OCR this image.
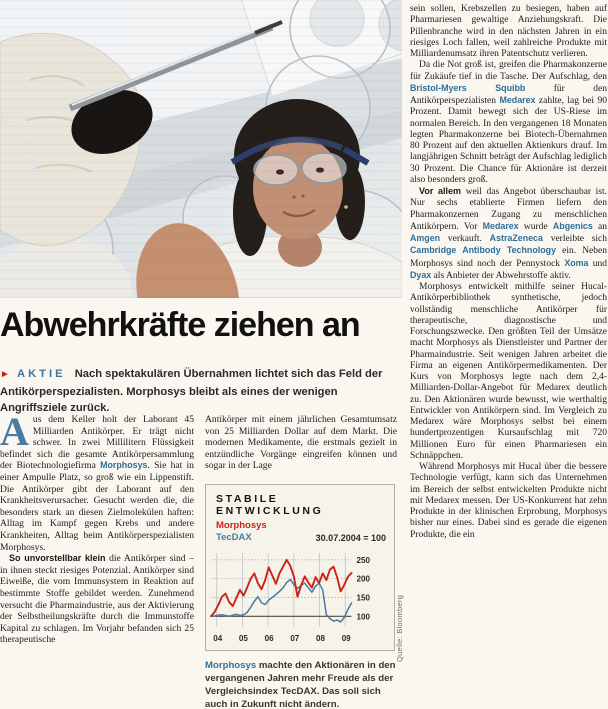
sein sollen, Krebszellen zu besiegen, haben auf Pharmariesen gewaltige Anziehungskraft. Die Pillenbranche wird in den nächsten Jahren in ein riesiges Loch fallen, weil zahlreiche Produkte mit Milliardenumsatz ihren Patentschutz verlieren.

Da die Not groß ist, greifen die Pharmakonzerne für Zukäufe tief in die Tasche. Der Aufschlag, den Bristol-Myers Squibb für den Antikörperspezialisten Medarex zahlte, lag bei 90 Prozent. Damit bewegt sich der US-Riese im normalen Bereich. In den vergangenen 18 Monaten legten Pharmakonzerne bei Biotech-Übernahmen 80 Prozent auf den aktuellen Aktienkurs drauf. Im langjährigen Schnitt beträgt der Aufschlag lediglich 30 Prozent. Die Chance für Aktionäre ist derzeit also besonders groß.

Vor allem weil das Angebot überschaubar ist. Nur sechs etablierte Firmen liefern den Pharmakonzernen Zugang zu menschlichen Antikörpern. Vor Medarex wurde Abgenics an Amgen verkauft. AstraZeneca verleibte sich Cambridge Antibody Technology ein. Neben Morphosys sind noch der Pennystock Xoma und Dyax als Anbieter der Abwehrstoffe aktiv.

Morphosys entwickelt mithilfe seiner Hucal-Antikörperbibliothek synthetische, jedoch vollständig menschliche Antikörper für therapeutische, diagnostische und Forschungszwecke. Den größten Teil der Umsätze macht Morphosys als Dienstleister und Partner der Pharmaindustrie. Seit wenigen Jahren arbeitet die Firma an eigenen Antikörpermedikamenten. Der Kurs von Morphosys legte nach dem 2,4-Milliarden-Dollar-Angebot für Medarex deutlich zu. Den Aktionären wurde bewusst, wie werthaltig Entwickler von Antikörpern sind. Im Vergleich zu Medarex wäre Morphosys selbst bei einem hundertprozentigen Kursaufschlag mit 720 Millionen Euro für einen Pharmariesen ein Schnäppchen.

Während Morphosys mit Hucal über die bessere Technologie verfügt, kann sich das Unternehmen im Bereich der selbst entwickelten Produkte nicht mit Medarex messen. Der US-Konkurrent hat zehn Produkte in der klinischen Erprobung, Morphosys bisher nur eines. Dabei sind es gerade die eigenen Produkte, die ein

Abwehrkräfte ziehen an

► AKTIE Nach spektakulären Übernahmen lichtet sich das Feld der Antikörperspezialisten. Morphosys bleibt als eines der wenigen Angriffsziele zurück.

Aus dem Keller holt der Laborant 45 Milliarden Antikörper. Er trägt nicht schwer. In zwei Millilitern Flüssigkeit befindet sich die gesamte Antikörpersammlung der Biotechnologiefirma Morphosys. Sie hat in einer Ampulle Platz, so groß wie ein Lippenstift. Die Antikörper gibt der Laborant auf den Krankheitsverursacher. Gesucht werden die, die besonders stark an diesen Zielmolekülen haften: Alltag im Kampf gegen Krebs und andere Krankheiten, Alltag beim Antikörperspezialisten Morphosys.

So unvorstellbar klein die Antikörper sind – in ihnen steckt riesiges Potenzial. Antikörper sind Eiweiße, die vom Immunsystem in Reaktion auf bestimmte Stoffe gebildet werden. Zunehmend versucht die Pharmaindustrie, aus der Aktivierung der Selbstheilungskräfte durch die Immunstoffe Kapital zu schlagen. Im Vorjahr befanden sich 25 therapeutische

Antikörper mit einem jährlichen Gesamtumsatz von 25 Milliarden Dollar auf dem Markt. Die modernen Medikamente, die erstmals gezielt in entzündliche Vorgänge eingreifen können und sogar in der Lage

STABILE ENTWICKLUNG
Morphosys
TecDAX	30.07.2004 = 100
04 05 06 07 08 09
100
150
200
250

Morphosys machte den Aktionären in den vergangenen Jahren mehr Freude als der Vergleichsindex TecDAX. Das soll sich auch in Zukunft nicht ändern.

Quelle: Bloomberg
